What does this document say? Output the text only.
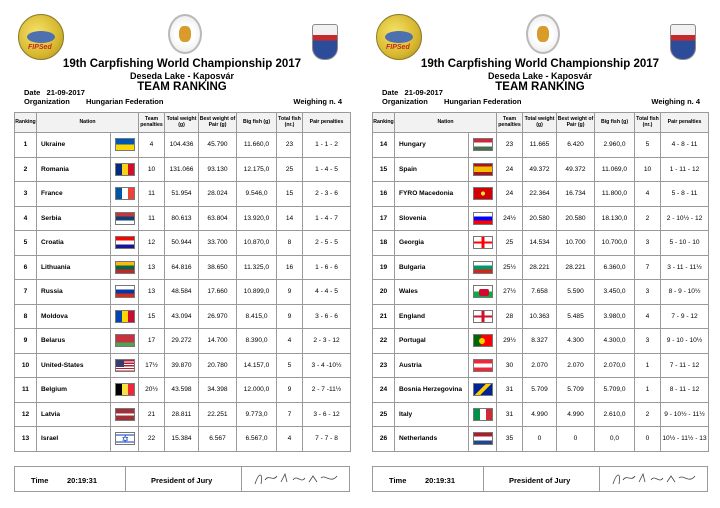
FIPSed
19th Carpfishing World Championship 2017
Deseda Lake - Kaposvár
TEAM RANKING
Date 21-09-2017
Organization Hungarian Federation	Weighing n. 4
Ranking	Nation		Team penalties	Total weight (g)	Best weight of Pair (g)	Big fish (g)	Total fish (nr.)	Pair penalties
1	Ukraine		4	104.436	45.790	11.660,0	23	1 - 1 - 2
2	Romania		10	131.066	93.130	12.175,0	25	1 - 4 - 5
3	France		11	51.954	28.024	9.546,0	15	2 - 3 - 6
4	Serbia		11	80.613	63.804	13.920,0	14	1 - 4 - 7
5	Croatia		12	50.944	33.700	10.870,0	8	2 - 5 - 5
6	Lithuania		13	64.816	38.650	11.325,0	16	1 - 6 - 6
7	Russia		13	48.584	17.660	10.899,0	9	4 - 4 - 5
8	Moldova		15	43.094	26.970	8.415,0	9	3 - 6 - 6
9	Belarus		17	29.272	14.700	8.390,0	4	2 - 3 - 12
10	United-States		17½	39.870	20.780	14.157,0	5	3 - 4 -10½
11	Belgium		20½	43.598	34.398	12.000,0	9	2 - 7 -11½
12	Latvia		21	28.811	22.251	9.773,0	7	3 - 6 - 12
13	Israel	✡	22	15.384	6.567	6.567,0	4	7 - 7 - 8
Time 20:19:31	President of Jury
FIPSed
19th Carpfishing World Championship 2017
Deseda Lake - Kaposvár
TEAM RANKING
Date 21-09-2017
Organization Hungarian Federation	Weighing n. 4
Ranking	Nation		Team penalties	Total weight (g)	Best weight of Pair (g)	Big fish (g)	Total fish (nr.)	Pair penalties
14	Hungary		23	11.665	6.420	2.960,0	5	4 - 8 - 11
15	Spain		24	49.372	49.372	11.069,0	10	1 - 11 - 12
16	FYRO Macedonia		24	22.364	16.734	11.800,0	4	5 - 8 - 11
17	Slovenia		24½	20.580	20.580	18.130,0	2	2 - 10½ - 12
18	Georgia		25	14.534	10.700	10.700,0	3	5 - 10 - 10
19	Bulgaria		25½	28.221	28.221	6.360,0	7	3 - 11 - 11½
20	Wales		27½	7.658	5.590	3.450,0	3	8 - 9 - 10½
21	England		28	10.363	5.485	3.980,0	4	7 - 9 - 12
22	Portugal		29½	8.327	4.300	4.300,0	3	9 - 10 - 10½
23	Austria		30	2.070	2.070	2.070,0	1	7 - 11 - 12
24	Bosnia Herzegovina		31	5.709	5.709	5.709,0	1	8 - 11 - 12
25	Italy		31	4.990	4.990	2.610,0	2	9 - 10½ - 11½
26	Netherlands		35	0	0	0,0	0	10½ - 11½ - 13
Time 20:19:31	President of Jury
